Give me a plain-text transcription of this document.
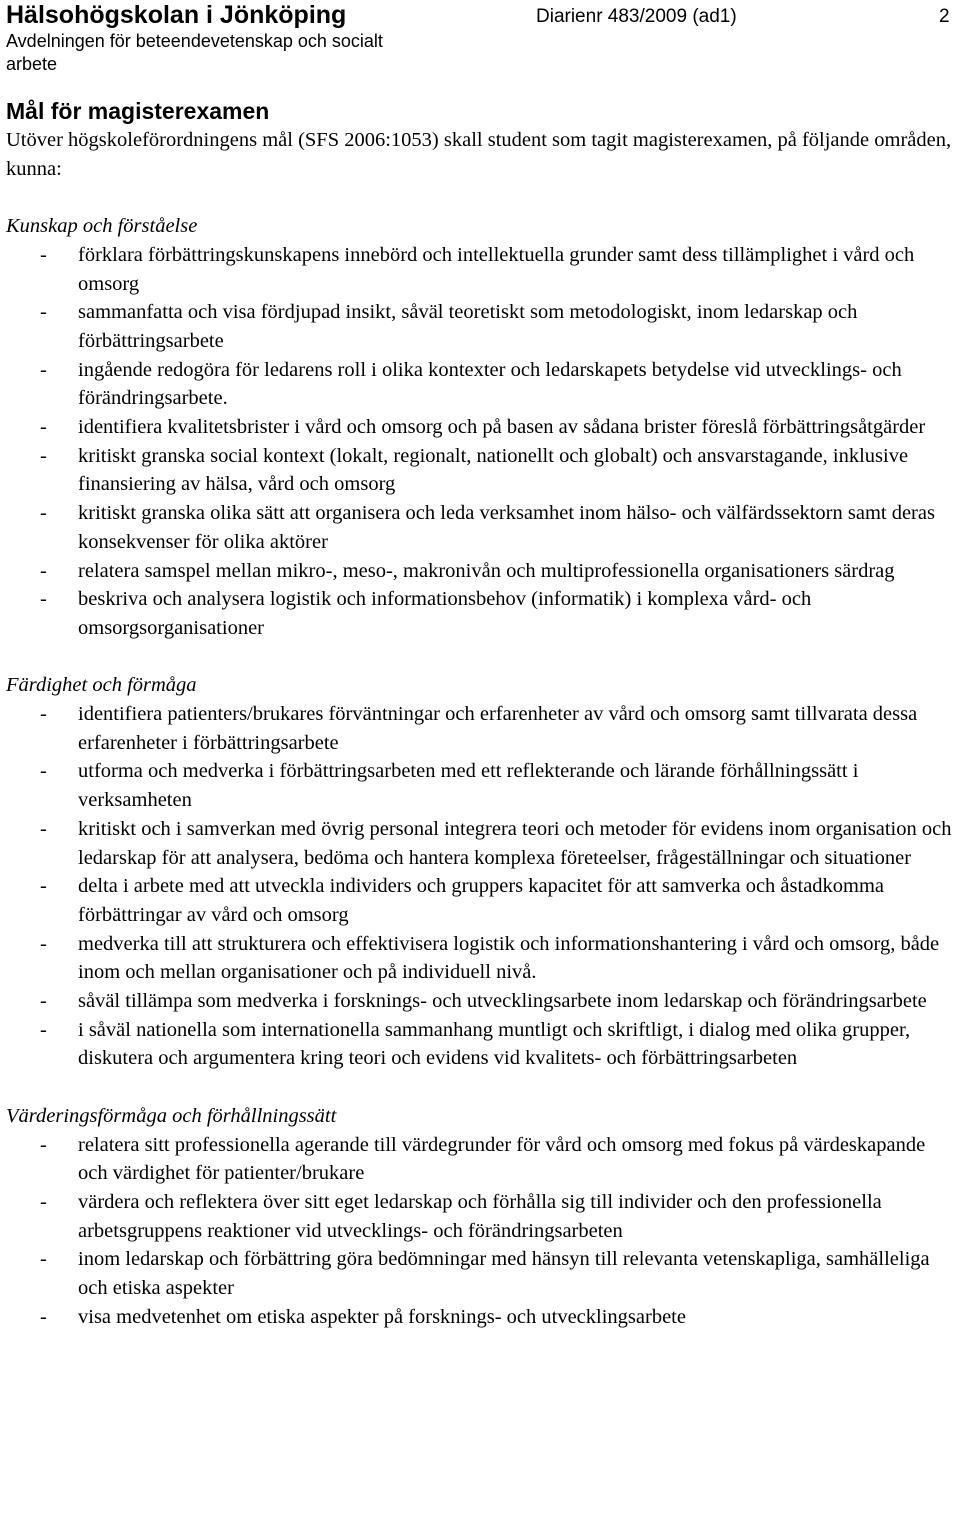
Hälsohögskolan i Jönköping
Avdelningen för beteendevetenskap och socialt arbete
Diarienr 483/2009 (ad1)	2
Mål för magisterexamen

Utöver högskoleförordningens mål (SFS 2006:1053) skall student som tagit magisterexamen, på följande områden, kunna:

Kunskap och förståelse
- förklara förbättringskunskapens innebörd och intellektuella grunder samt dess tillämplighet i vård och omsorg
- sammanfatta och visa fördjupad insikt, såväl teoretiskt som metodologiskt, inom ledarskap och förbättringsarbete
- ingående redogöra för ledarens roll i olika kontexter och ledarskapets betydelse vid utvecklings- och förändringsarbete.
- identifiera kvalitetsbrister i vård och omsorg och på basen av sådana brister föreslå förbättringsåtgärder
- kritiskt granska social kontext (lokalt, regionalt, nationellt och globalt) och ansvarstagande, inklusive finansiering av hälsa, vård och omsorg
- kritiskt granska olika sätt att organisera och leda verksamhet inom hälso- och välfärdssektorn samt deras konsekvenser för olika aktörer
- relatera samspel mellan mikro-, meso-, makronivån och multiprofessionella organisationers särdrag
- beskriva och analysera logistik och informationsbehov (informatik) i komplexa vård- och omsorgsorganisationer
Färdighet och förmåga
- identifiera patienters/brukares förväntningar och erfarenheter av vård och omsorg samt tillvarata dessa erfarenheter i förbättringsarbete
- utforma och medverka i förbättringsarbeten med ett reflekterande och lärande förhållningssätt i verksamheten
- kritiskt och i samverkan med övrig personal integrera teori och metoder för evidens inom organisation och ledarskap för att analysera, bedöma och hantera komplexa företeelser, frågeställningar och situationer
- delta i arbete med att utveckla individers och gruppers kapacitet för att samverka och åstadkomma förbättringar av vård och omsorg
- medverka till att strukturera och effektivisera logistik och informationshantering i vård och omsorg, både inom och mellan organisationer och på individuell nivå.
- såväl tillämpa som medverka i forsknings- och utvecklingsarbete inom ledarskap och förändringsarbete
- i såväl nationella som internationella sammanhang muntligt och skriftligt, i dialog med olika grupper, diskutera och argumentera kring teori och evidens vid kvalitets- och förbättringsarbeten
Värderingsförmåga och förhållningssätt
- relatera sitt professionella agerande till värdegrunder för vård och omsorg med fokus på värdeskapande och värdighet för patienter/brukare
- värdera och reflektera över sitt eget ledarskap och förhålla sig till individer och den professionella arbetsgruppens reaktioner vid utvecklings- och förändringsarbeten
- inom ledarskap och förbättring göra bedömningar med hänsyn till relevanta vetenskapliga, samhälleliga och etiska aspekter
- visa medvetenhet om etiska aspekter på forsknings- och utvecklingsarbete
